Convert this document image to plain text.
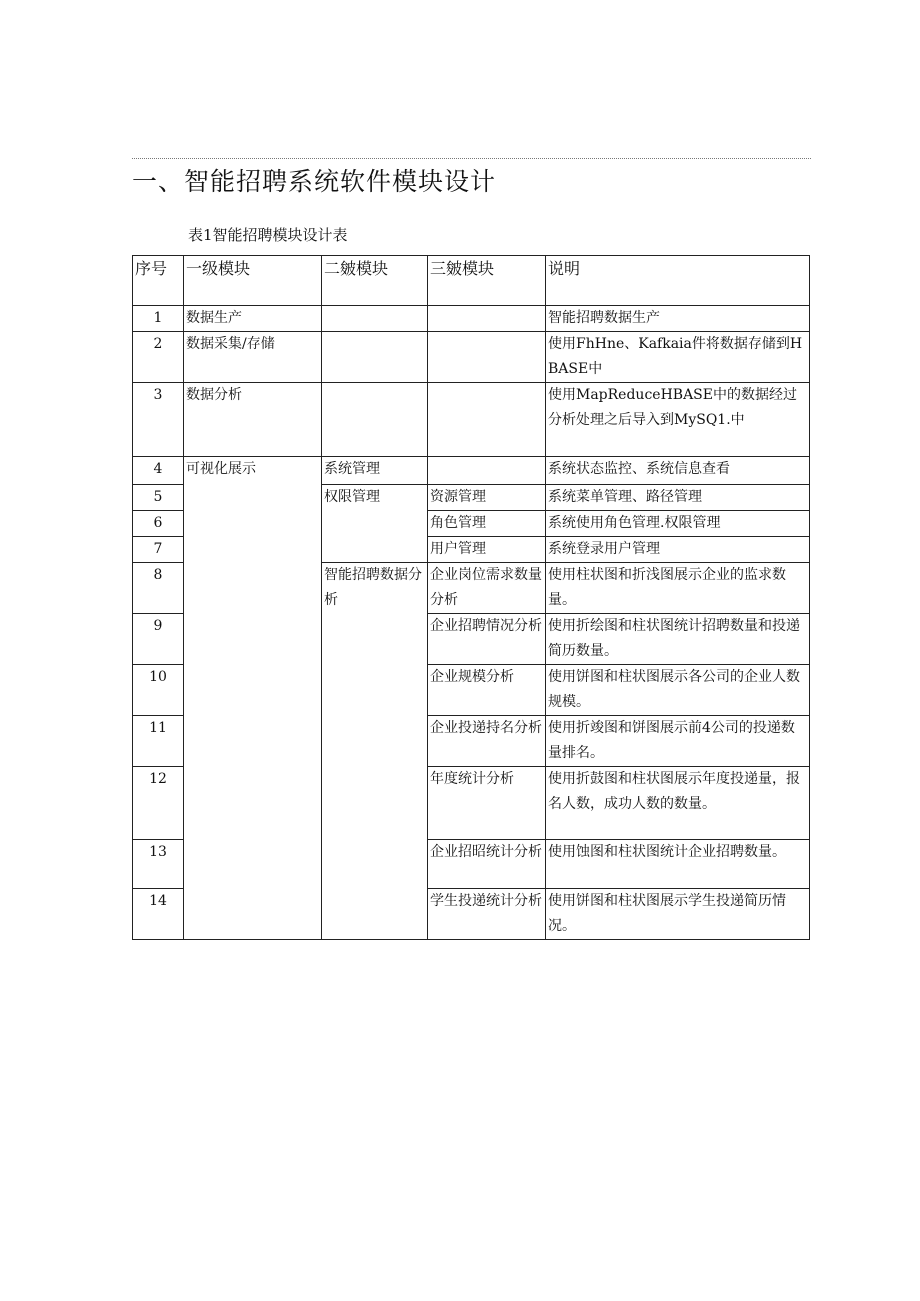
一、智能招聘系统软件模块设计
表1智能招聘模块设计表
序号	一级模块	二皴模块	三皴模块	说明
1	数据生产			智能招聘数据生产
2	数据采集/存储			使用FhHne、Kafkaia件将数据存储到HBASE中
3	数据分析			使用MapReduceHBASE中的数据经过分析处理之后导入到MySQ1.中
4	可视化展示	系统管理		系统状态监控、系统信息查看
5		权限管理	资源管理	系统菜单管理、路径管理
6			角色管理	系统使用角色管理.权限管理
7			用户管理	系统登录用户管理
8		智能招聘数据分析	企业岗位需求数量分析	使用柱状图和折浅图展示企业的监求数量。
9			企业招聘情况分析	使用折绘图和柱状图统计招聘数量和投递简历数量。
10			企业规模分析	使用饼图和柱状图展示各公司的企业人数规模。
11			企业投递持名分析	使用折竣图和饼图展示前4公司的投递数量排名。
12			年度统计分析	使用折鼓图和柱状图展示年度投递量，报名人数，成功人数的数量。
13			企业招昭统计分析	使用蚀图和柱状图统计企业招聘数量。
14			学生投递统计分析	使用饼图和柱状图展示学生投递简历情况。
